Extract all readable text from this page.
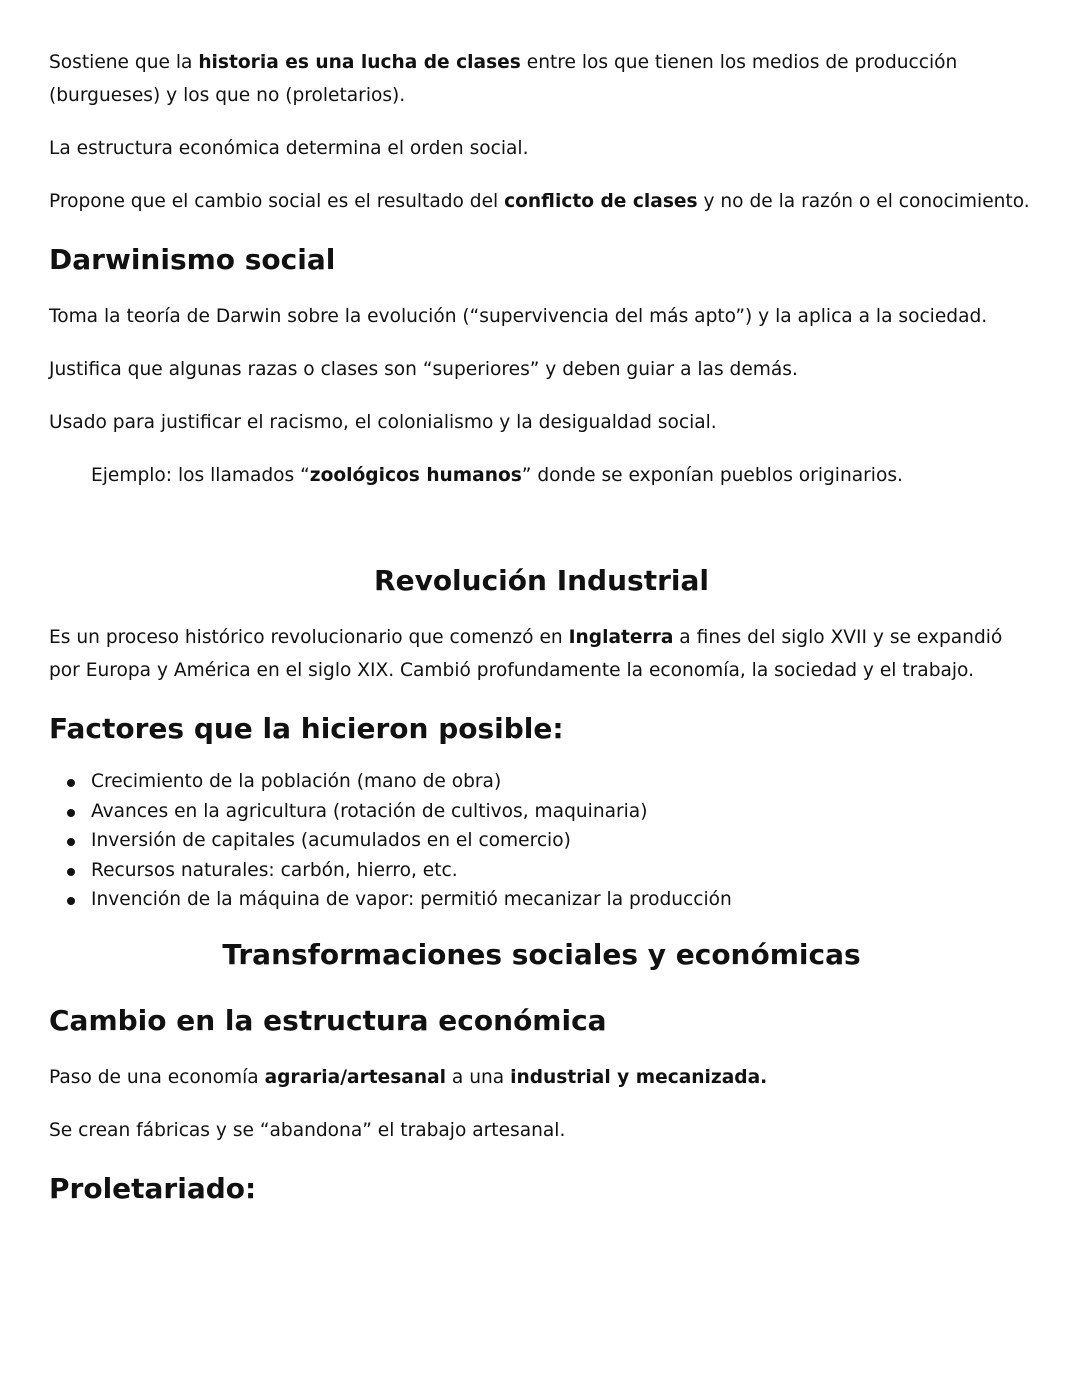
Sostiene que la historia es una lucha de clases entre los que tienen los medios de producción (burgueses) y los que no (proletarios).

La estructura económica determina el orden social.

Propone que el cambio social es el resultado del conflicto de clases y no de la razón o el conocimiento.

Darwinismo social

Toma la teoría de Darwin sobre la evolución (“supervivencia del más apto”) y la aplica a la sociedad.

Justifica que algunas razas o clases son “superiores” y deben guiar a las demás.

Usado para justificar el racismo, el colonialismo y la desigualdad social.

Ejemplo: los llamados “zoológicos humanos” donde se exponían pueblos originarios.

Revolución Industrial

Es un proceso histórico revolucionario que comenzó en Inglaterra a fines del siglo XVII y se expandió por Europa y América en el siglo XIX. Cambió profundamente la economía, la sociedad y el trabajo.

Factores que la hicieron posible:
Crecimiento de la población (mano de obra)
Avances en la agricultura (rotación de cultivos, maquinaria)
Inversión de capitales (acumulados en el comercio)
Recursos naturales: carbón, hierro, etc.
Invención de la máquina de vapor: permitió mecanizar la producción
Transformaciones sociales y económicas
Cambio en la estructura económica

Paso de una economía agraria/artesanal a una industrial y mecanizada.

Se crean fábricas y se “abandona” el trabajo artesanal.

Proletariado:
